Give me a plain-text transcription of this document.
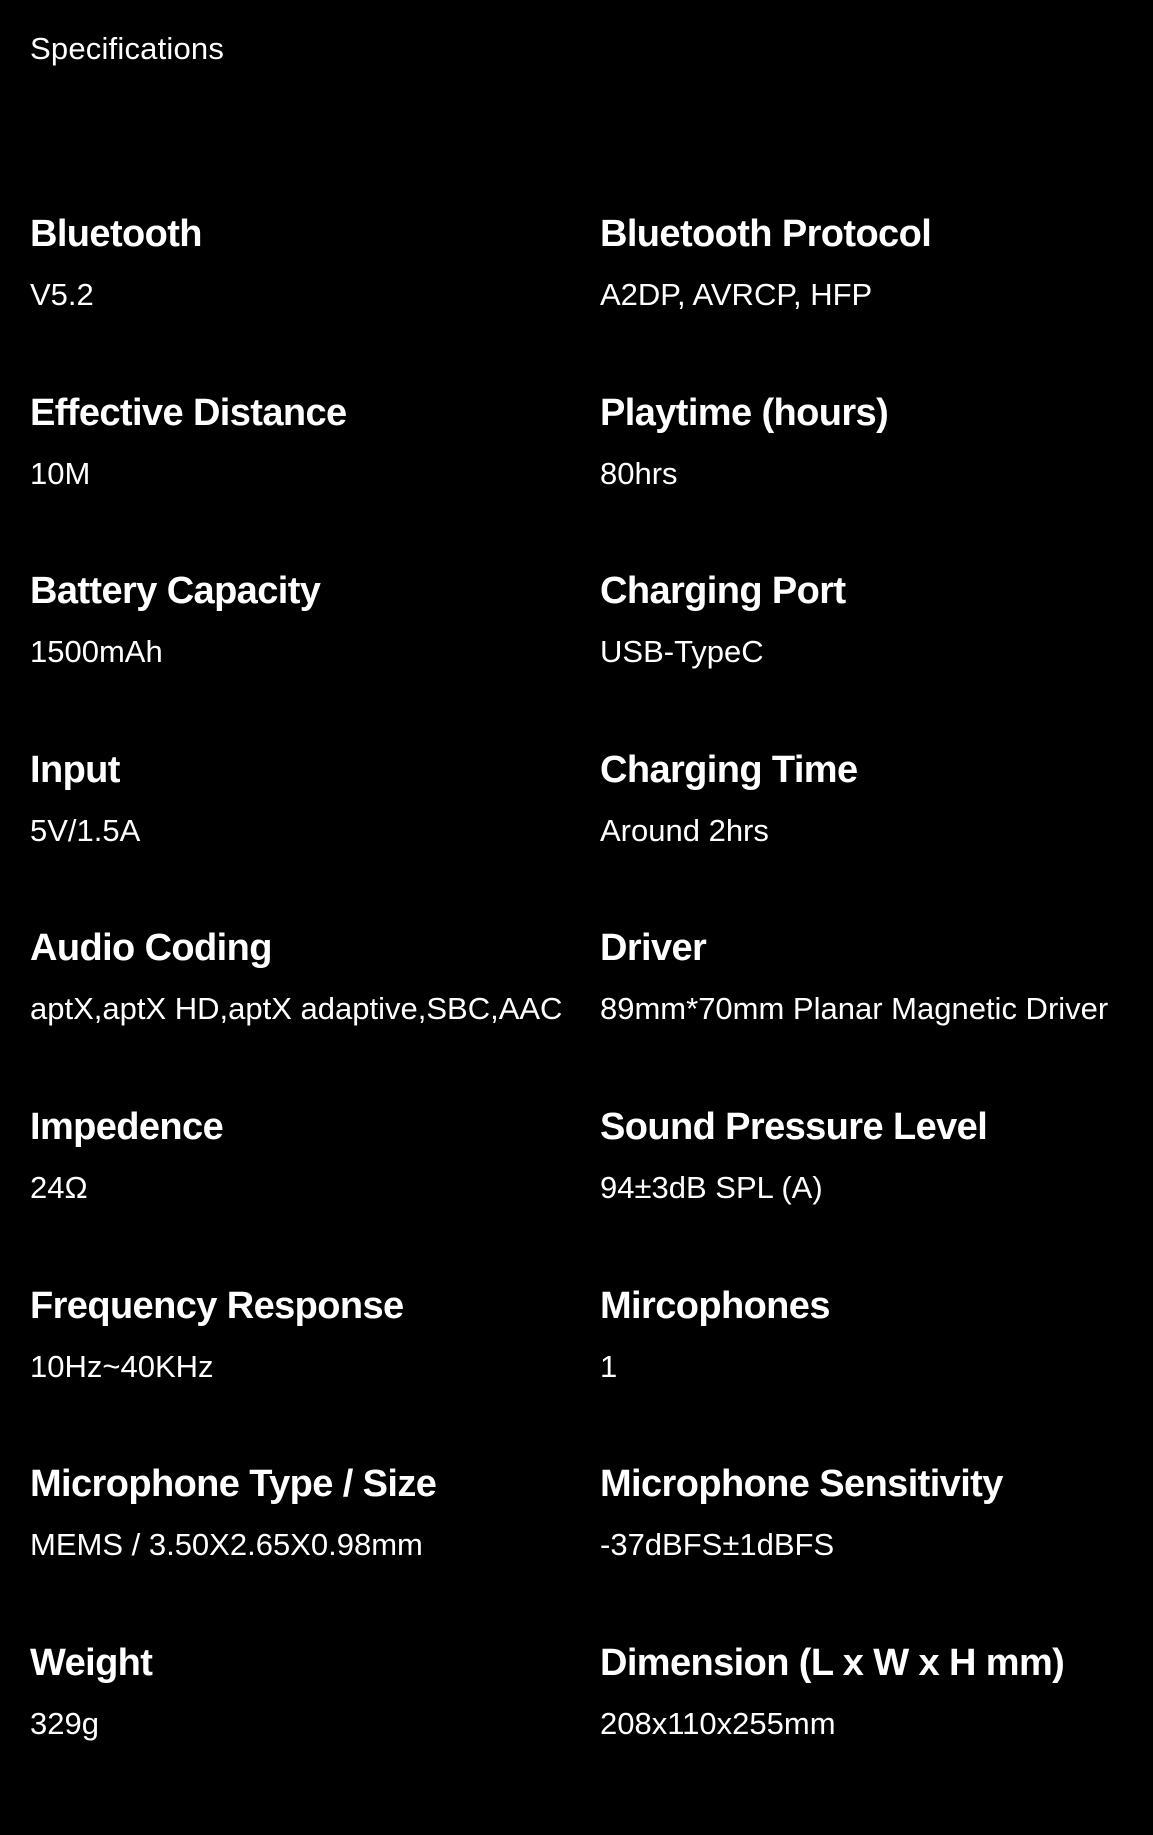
Specifications
Bluetooth
V5.2
Bluetooth Protocol
A2DP, AVRCP, HFP
Effective Distance
10M
Playtime (hours)
80hrs
Battery Capacity
1500mAh
Charging Port
USB-TypeC
Input
5V/1.5A
Charging Time
Around 2hrs
Audio Coding
aptX,aptX HD,aptX adaptive,SBC,AAC
Driver
89mm*70mm Planar Magnetic Driver
Impedence
24Ω
Sound Pressure Level
94±3dB SPL (A)
Frequency Response
10Hz~40KHz
Mircophones
1
Microphone Type / Size
MEMS / 3.50X2.65X0.98mm
Microphone Sensitivity
-37dBFS±1dBFS
Weight
329g
Dimension (L x W x H mm)
208x110x255mm
